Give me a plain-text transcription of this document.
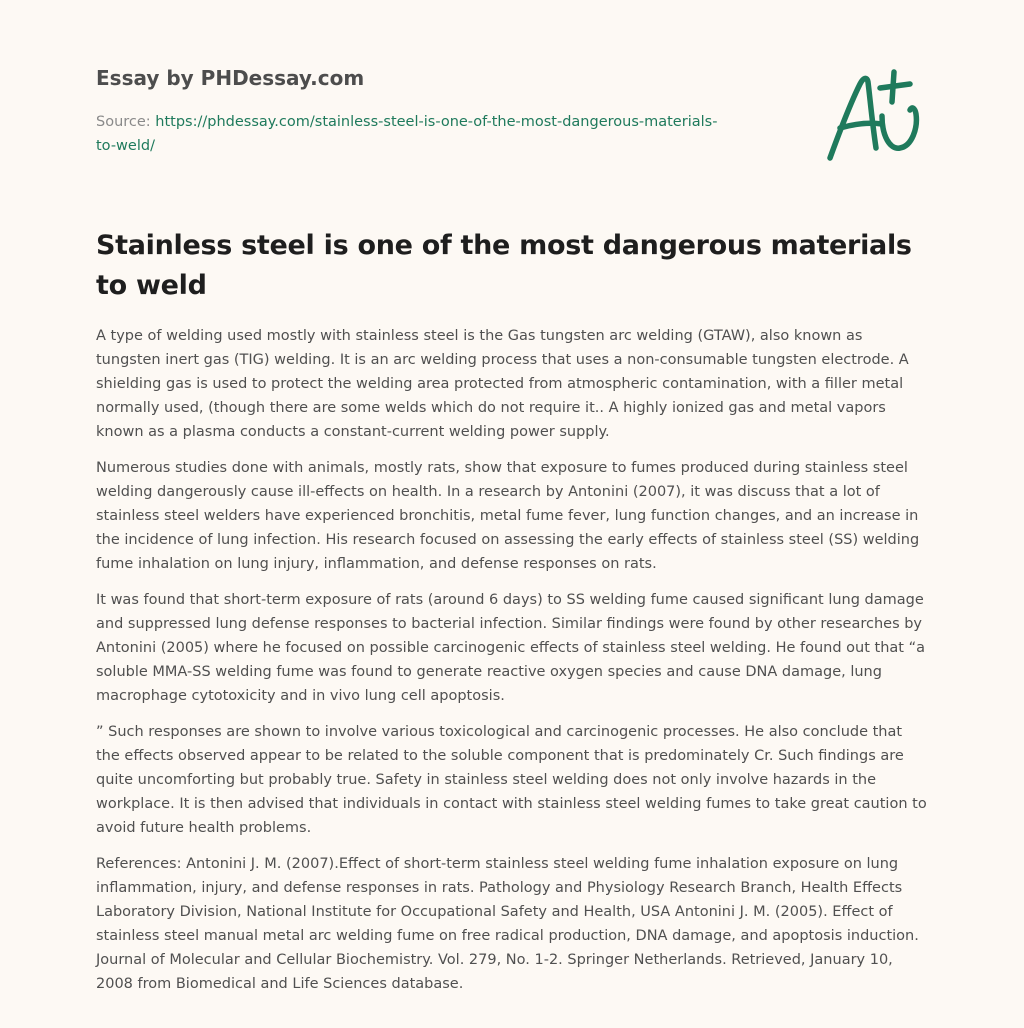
Essay by PHDessay.com
Source: https://phdessay.com/stainless-steel-is-one-of-the-most-dangerous-materials-to-weld/
Stainless steel is one of the most dangerous materials to weld

A type of welding used mostly with stainless steel is the Gas tungsten arc welding (GTAW), also known as tungsten inert gas (TIG) welding. It is an arc welding process that uses a non-consumable tungsten electrode. A shielding gas is used to protect the welding area protected from atmospheric contamination, with a filler metal normally used, (though there are some welds which do not require it.. A highly ionized gas and metal vapors known as a plasma conducts a constant-current welding power supply.

Numerous studies done with animals, mostly rats, show that exposure to fumes produced during stainless steel welding dangerously cause ill-effects on health. In a research by Antonini (2007), it was discuss that a lot of stainless steel welders have experienced bronchitis, metal fume fever, lung function changes, and an increase in the incidence of lung infection. His research focused on assessing the early effects of stainless steel (SS) welding fume inhalation on lung injury, inflammation, and defense responses on rats.

It was found that short-term exposure of rats (around 6 days) to SS welding fume caused significant lung damage and suppressed lung defense responses to bacterial infection. Similar findings were found by other researches by Antonini (2005) where he focused on possible carcinogenic effects of stainless steel welding. He found out that “a soluble MMA-SS welding fume was found to generate reactive oxygen species and cause DNA damage, lung macrophage cytotoxicity and in vivo lung cell apoptosis.

” Such responses are shown to involve various toxicological and carcinogenic processes. He also conclude that the effects observed appear to be related to the soluble component that is predominately Cr. Such findings are quite uncomforting but probably true. Safety in stainless steel welding does not only involve hazards in the workplace. It is then advised that individuals in contact with stainless steel welding fumes to take great caution to avoid future health problems.

References: Antonini J. M. (2007).Effect of short-term stainless steel welding fume inhalation exposure on lung inflammation, injury, and defense responses in rats. Pathology and Physiology Research Branch, Health Effects Laboratory Division, National Institute for Occupational Safety and Health, USA Antonini J. M. (2005). Effect of stainless steel manual metal arc welding fume on free radical production, DNA damage, and apoptosis induction. Journal of Molecular and Cellular Biochemistry. Vol. 279, No. 1-2. Springer Netherlands. Retrieved, January 10, 2008 from Biomedical and Life Sciences database.
